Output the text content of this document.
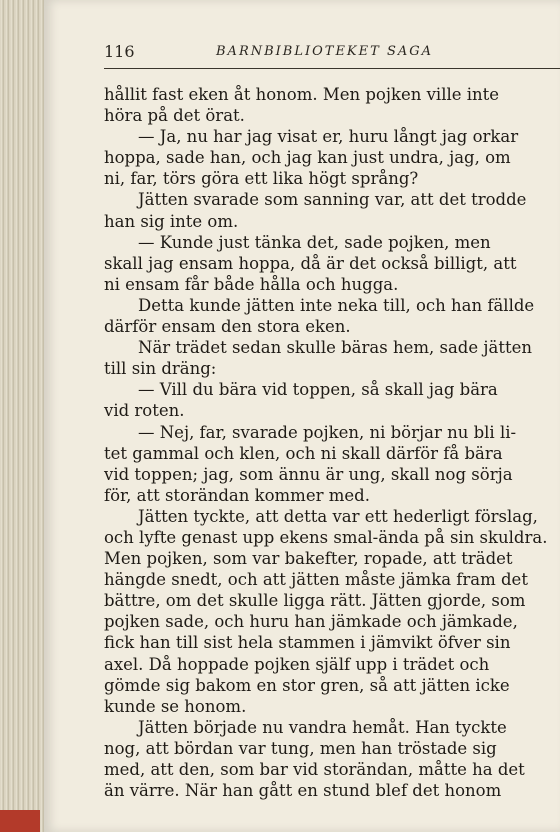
116	BARNBIBLIOTEKET SAGA
hållit fast eken åt honom. Men pojken ville inte
höra på det örat.
— Ja, nu har jag visat er, huru långt jag orkar
hoppa, sade han, och jag kan just undra, jag, om
ni, far, törs göra ett lika högt språng?
Jätten svarade som sanning var, att det trodde
han sig inte om.
— Kunde just tänka det, sade pojken, men
skall jag ensam hoppa, då är det också billigt, att
ni ensam får både hålla och hugga.
Detta kunde jätten inte neka till, och han fällde
därför ensam den stora eken.
När trädet sedan skulle bäras hem, sade jätten
till sin dräng:
— Vill du bära vid toppen, så skall jag bära
vid roten.
— Nej, far, svarade pojken, ni börjar nu bli li-
tet gammal och klen, och ni skall därför få bära
vid toppen; jag, som ännu är ung, skall nog sörja
för, att storändan kommer med.
Jätten tyckte, att detta var ett hederligt förslag,
och lyfte genast upp ekens smal-ända på sin skuldra.
Men pojken, som var bakefter, ropade, att trädet
hängde snedt, och att jätten måste jämka fram det
bättre, om det skulle ligga rätt. Jätten gjorde, som
pojken sade, och huru han jämkade och jämkade,
fick han till sist hela stammen i jämvikt öfver sin
axel. Då hoppade pojken själf upp i trädet och
gömde sig bakom en stor gren, så att jätten icke
kunde se honom.
Jätten började nu vandra hemåt. Han tyckte
nog, att bördan var tung, men han tröstade sig
med, att den, som bar vid storändan, måtte ha det
än värre. När han gått en stund blef det honom
